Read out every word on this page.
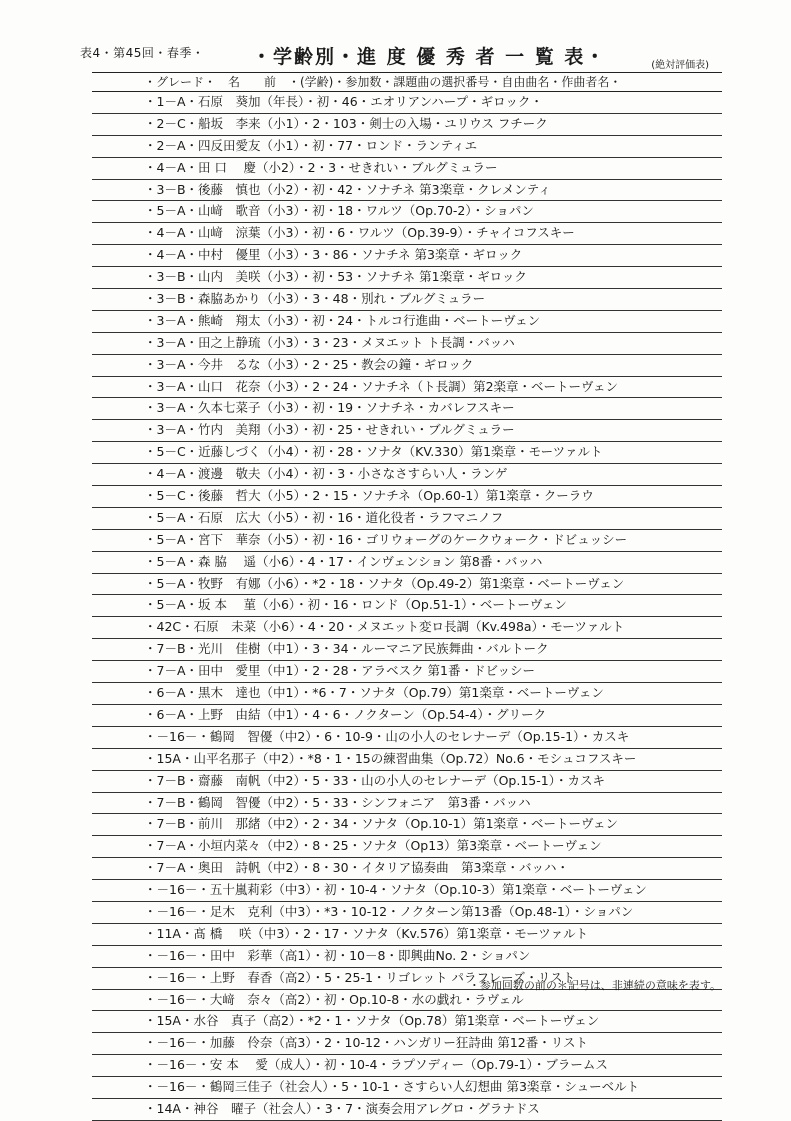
表4・第45回・春季・	・学齢別・進 度 優 秀 者 一 覧 表・	(絶対評価表)
・グレード・　名　　前　・(学齢)・参加数・課題曲の選択番号・自由曲名・作曲者名・
・1－A・石原　葵加（年長）・初・46・エオリアンハープ・ギロック・
・2－C・船坂　李来（小1）・2・103・剣士の入場・ユリウス フチーク
・2－A・四反田愛友（小1）・初・77・ロンド・ランティエ
・4－A・田 口　 慶（小2）・2・3・せきれい・ブルグミュラー
・3－B・後藤　慎也（小2）・初・42・ソナチネ 第3楽章・クレメンティ
・5－A・山﨑　歌音（小3）・初・18・ワルツ（Op.70-2）・ショパン
・4－A・山﨑　涼葉（小3）・初・6・ワルツ（Op.39-9）・チャイコフスキー
・4－A・中村　優里（小3）・3・86・ソナチネ 第3楽章・ギロック
・3－B・山内　美咲（小3）・初・53・ソナチネ 第1楽章・ギロック
・3－B・森脇あかり（小3）・3・48・別れ・ブルグミュラー
・3－A・熊崎　翔太（小3）・初・24・トルコ行進曲・ベートーヴェン
・3－A・田之上静琉（小3）・3・23・メヌエット ト長調・バッハ
・3－A・今井　るな（小3）・2・25・教会の鐘・ギロック
・3－A・山口　花奈（小3）・2・24・ソナチネ（ト長調）第2楽章・ベートーヴェン
・3－A・久本七菜子（小3）・初・19・ソナチネ・カバレフスキー
・3－A・竹内　美翔（小3）・初・25・せきれい・ブルグミュラー
・5－C・近藤しづく（小4）・初・28・ソナタ（KV.330）第1楽章・モーツァルト
・4－A・渡邊　敬夫（小4）・初・3・小さなさすらい人・ランゲ
・5－C・後藤　哲大（小5）・2・15・ソナチネ（Op.60-1）第1楽章・クーラウ
・5－A・石原　広大（小5）・初・16・道化役者・ラフマニノフ
・5－A・宮下　華奈（小5）・初・16・ゴリウォーグのケークウォーク・ドビュッシー
・5－A・森 脇　 遥（小6）・4・17・インヴェンション 第8番・バッハ
・5－A・牧野　有娜（小6）・*2・18・ソナタ（Op.49-2）第1楽章・ベートーヴェン
・5－A・坂 本　 菫（小6）・初・16・ロンド（Op.51-1）・ベートーヴェン
・42C・石原　未菜（小6）・4・20・メヌエット変ロ長調（Kv.498a）・モーツァルト
・7－B・光川　佳樹（中1）・3・34・ルーマニア民族舞曲・バルトーク
・7－A・田中　愛里（中1）・2・28・アラベスク 第1番・ドビッシー
・6－A・黒木　達也（中1）・*6・7・ソナタ（Op.79）第1楽章・ベートーヴェン
・6－A・上野　由結（中1）・4・6・ノクターン（Op.54-4）・グリーク
・－16－・鶴岡　智優（中2）・6・10-9・山の小人のセレナーデ（Op.15-1）・カスキ
・15A・山平名那子（中2）・*8・1・15の練習曲集（Op.72）No.6・モシュコフスキー
・7－B・齋藤　南帆（中2）・5・33・山の小人のセレナーデ（Op.15-1）・カスキ
・7－B・鶴岡　智優（中2）・5・33・シンフォニア　第3番・バッハ
・7－B・前川　那緒（中2）・2・34・ソナタ（Op.10-1）第1楽章・ベートーヴェン
・7－A・小垣内菜々（中2）・8・25・ソナタ（Op13）第3楽章・ベートーヴェン
・7－A・奥田　詩帆（中2）・8・30・イタリア協奏曲　第3楽章・バッハ・
・－16－・五十嵐莉彩（中3）・初・10-4・ソナタ（Op.10-3）第1楽章・ベートーヴェン
・－16－・足木　克利（中3）・*3・10-12・ノクターン第13番（Op.48-1）・ショパン
・11A・髙 橋　 咲（中3）・2・17・ソナタ（Kv.576）第1楽章・モーツァルト
・－16－・田中　彩華（高1）・初・10－8・即興曲No. 2・ショパン
・－16－・上野　春香（高2）・5・25-1・リゴレット パラフレーズ・リスト
・－16－・大﨑　奈々（高2）・初・Op.10-8・水の戯れ・ラヴェル
・15A・水谷　真子（高2）・*2・1・ソナタ（Op.78）第1楽章・ベートーヴェン
・－16－・加藤　伶奈（高3）・2・10-12・ハンガリー狂詩曲 第12番・リスト
・－16－・安 本　 愛（成人）・初・10-4・ラプソディー（Op.79-1）・ブラームス
・－16－・鶴岡三佳子（社会人）・5・10-1・さすらい人幻想曲 第3楽章・シューベルト
・14A・神谷　曜子（社会人）・3・7・演奏会用アレグロ・グラナドス
・参加回数の前の＊記号は、非連続の意味を表す。
